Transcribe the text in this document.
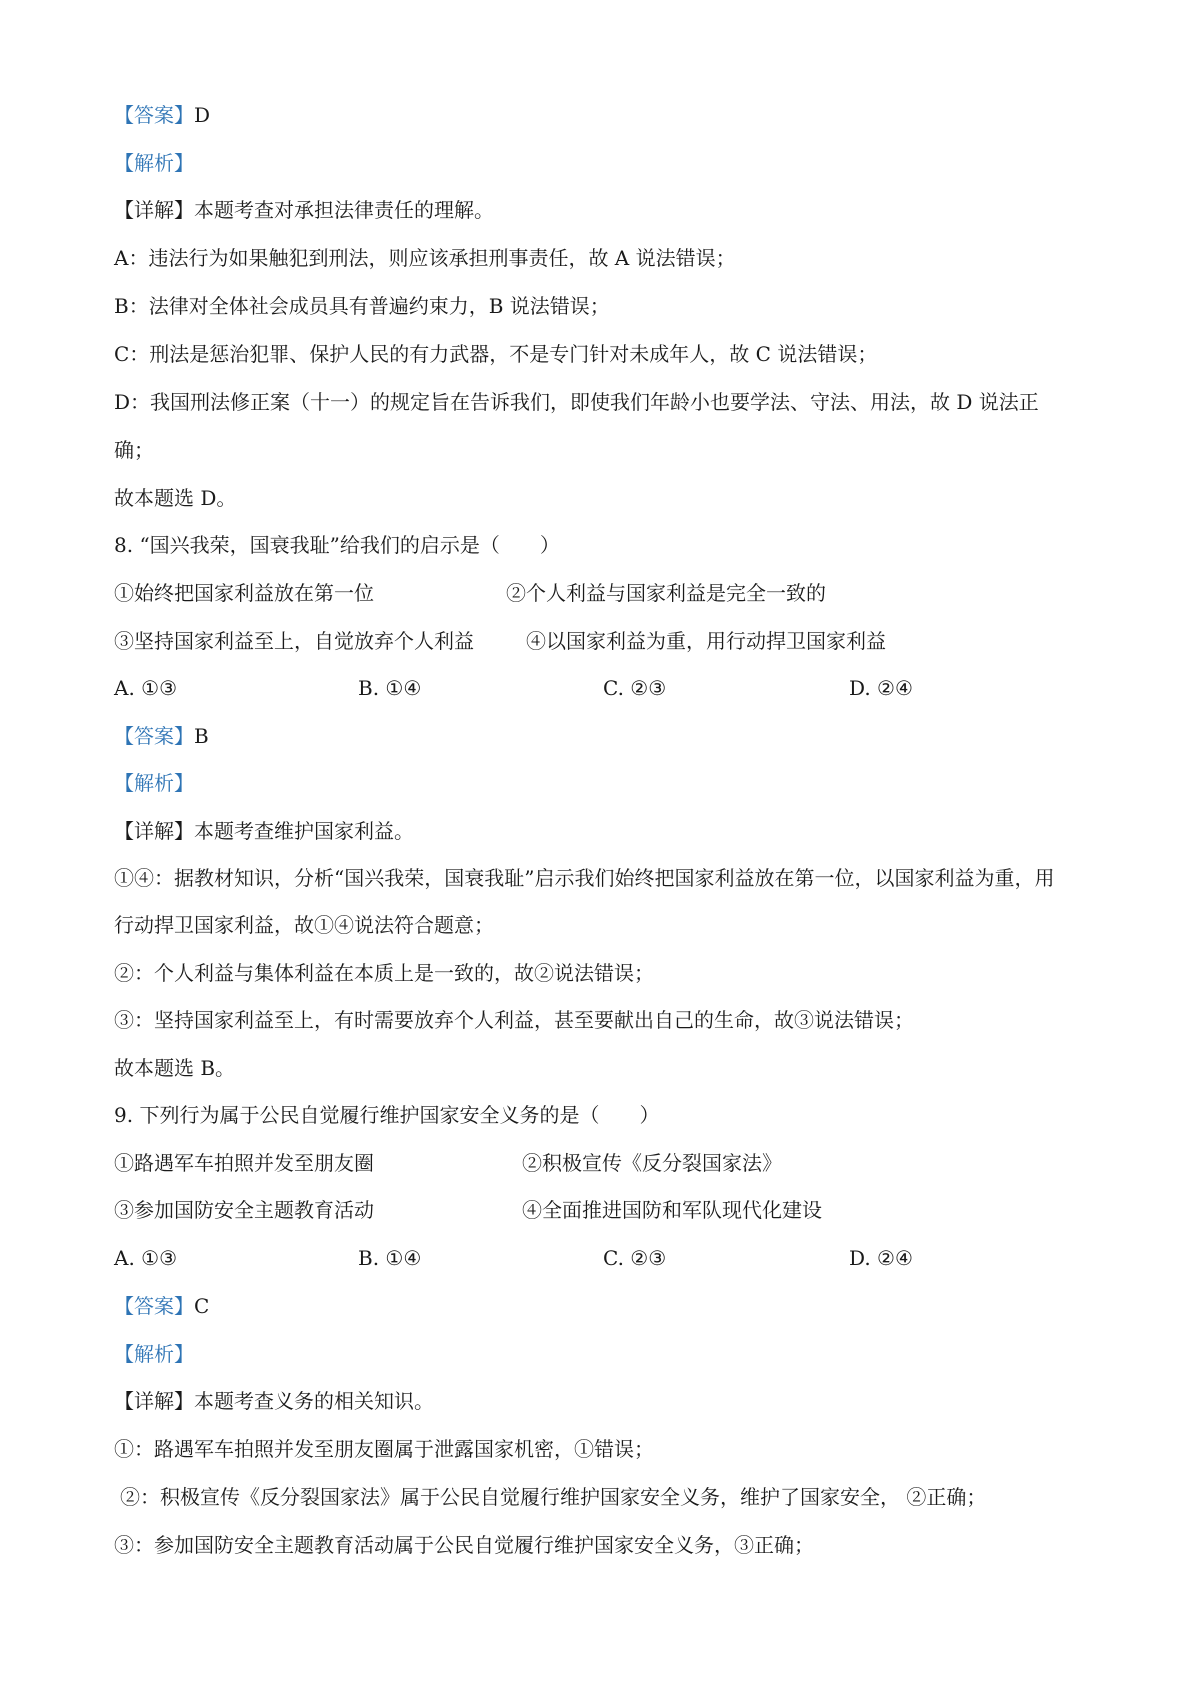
【答案】D
【解析】
【详解】本题考查对承担法律责任的理解。
A：违法行为如果触犯到刑法，则应该承担刑事责任，故 A 说法错误；
B：法律对全体社会成员具有普遍约束力，B 说法错误；
C：刑法是惩治犯罪、保护人民的有力武器，不是专门针对未成年人，故 C 说法错误；
D：我国刑法修正案（十一）的规定旨在告诉我们，即使我们年龄小也要学法、守法、用法，故 D 说法正
确；
故本题选 D。
8. “国兴我荣，国衰我耻”给我们的启示是（　　）
①始终把国家利益放在第一位	②个人利益与国家利益是完全一致的
③坚持国家利益至上，自觉放弃个人利益	④以国家利益为重，用行动捍卫国家利益
A. ①③	B. ①④	C. ②③	D. ②④
【答案】B
【解析】
【详解】本题考查维护国家利益。
①④：据教材知识，分析“国兴我荣，国衰我耻”启示我们始终把国家利益放在第一位，以国家利益为重，用
行动捍卫国家利益，故①④说法符合题意；
②：个人利益与集体利益在本质上是一致的，故②说法错误；
③：坚持国家利益至上，有时需要放弃个人利益，甚至要献出自己的生命，故③说法错误；
故本题选 B。
9. 下列行为属于公民自觉履行维护国家安全义务的是（　　）
①路遇军车拍照并发至朋友圈	②积极宣传《反分裂国家法》
③参加国防安全主题教育活动	④全面推进国防和军队现代化建设
A. ①③	B. ①④	C. ②③	D. ②④
【答案】C
【解析】
【详解】本题考查义务的相关知识。
①：路遇军车拍照并发至朋友圈属于泄露国家机密，①错误；
②：积极宣传《反分裂国家法》属于公民自觉履行维护国家安全义务，维护了国家安全， ②正确；
③：参加国防安全主题教育活动属于公民自觉履行维护国家安全义务，③正确；
